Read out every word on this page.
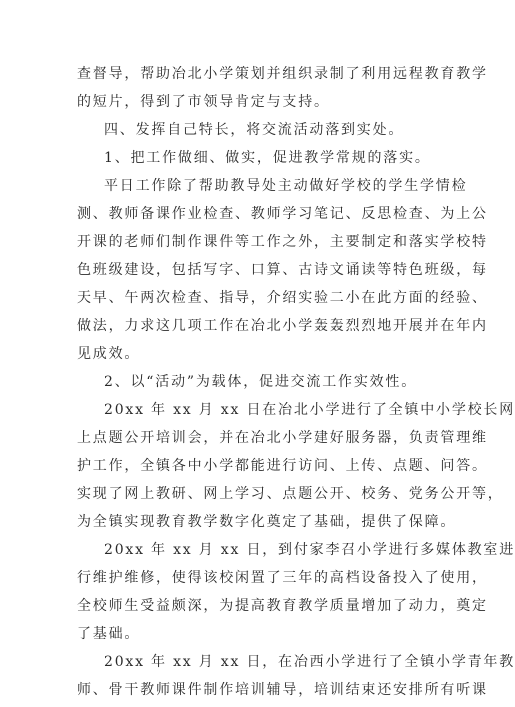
查督导，帮助冶北小学策划并组织录制了利用远程教育教学
的短片，得到了市领导肯定与支持。
四、发挥自己特长，将交流活动落到实处。
1、把工作做细、做实，促进教学常规的落实。
平日工作除了帮助教导处主动做好学校的学生学情检
测、教师备课作业检查、教师学习笔记、反思检查、为上公
开课的老师们制作课件等工作之外，主要制定和落实学校特
色班级建设，包括写字、口算、古诗文诵读等特色班级，每
天早、午两次检查、指导，介绍实验二小在此方面的经验、
做法，力求这几项工作在冶北小学轰轰烈烈地开展并在年内
见成效。
2、以“活动”为载体，促进交流工作实效性。
20xx 年 xx 月 xx 日在冶北小学进行了全镇中小学校长网
上点题公开培训会，并在冶北小学建好服务器，负责管理维
护工作，全镇各中小学都能进行访问、上传、点题、问答。
实现了网上教研、网上学习、点题公开、校务、党务公开等，
为全镇实现教育教学数字化奠定了基础，提供了保障。
20xx 年 xx 月 xx 日，到付家李召小学进行多媒体教室进
行维护维修，使得该校闲置了三年的高档设备投入了使用，
全校师生受益颇深，为提高教育教学质量增加了动力，奠定
了基础。
20xx 年 xx 月 xx 日，在冶西小学进行了全镇小学青年教
师、骨干教师课件制作培训辅导，培训结束还安排所有听课
